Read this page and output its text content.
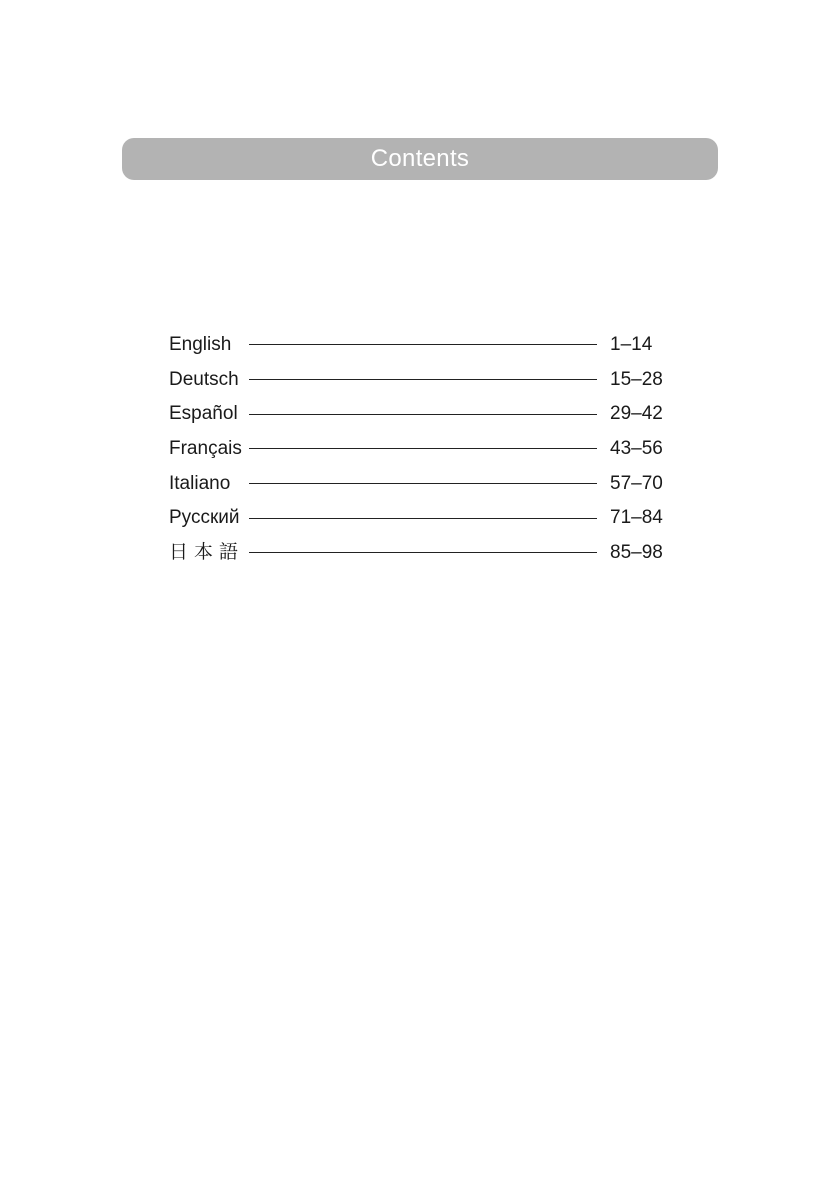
Contents
English	1–14
Deutsch	15–28
Español	29–42
Français	43–56
Italiano	57–70
Русский	71–84
日本語	85–98
